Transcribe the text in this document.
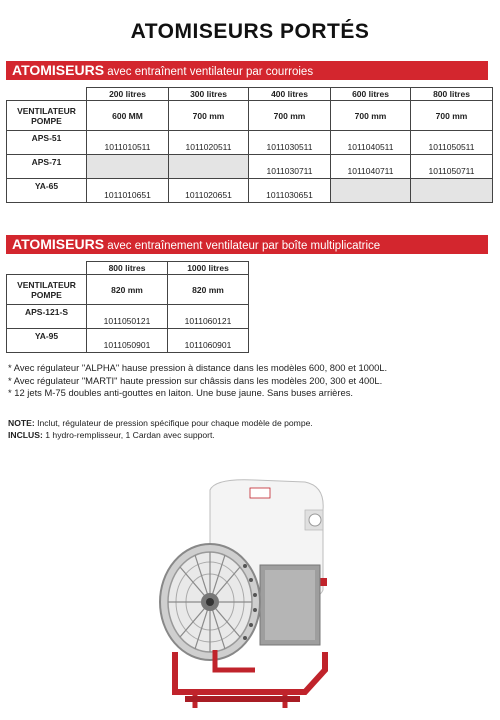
ATOMISEURS PORTÉS
ATOMISEURS avec entraînent ventilateur par courroies
	200 litres	300 litres	400 litres	600 litres	800 litres
VENTILATEUR POMPE	600 MM	700 mm	700 mm	700 mm	700 mm
APS-51	1011010511	1011020511	1011030511	1011040511	1011050511
APS-71			1011030711	1011040711	1011050711
YA-65	1011010651	1011020651	1011030651		
ATOMISEURS avec entraînement ventilateur par boîte multiplicatrice
	800 litres	1000 litres
VENTILATEUR POMPE	820 mm	820 mm
APS-121-S	1011050121	1011060121
YA-95	1011050901	1011060901
* Avec régulateur "ALPHA" hause pression à distance dans les modèles 600, 800 et 1000L.
* Avec régulateur "MARTI" haute pression sur châssis dans les modèles 200, 300 et 400L.
* 12 jets M-75 doubles anti-gouttes en laiton. Une buse jaune. Sans buses arrières.
NOTE: Inclut, régulateur de pression spécifique pour chaque modèle de pompe.
INCLUS: 1 hydro-remplisseur, 1 Cardan avec support.
